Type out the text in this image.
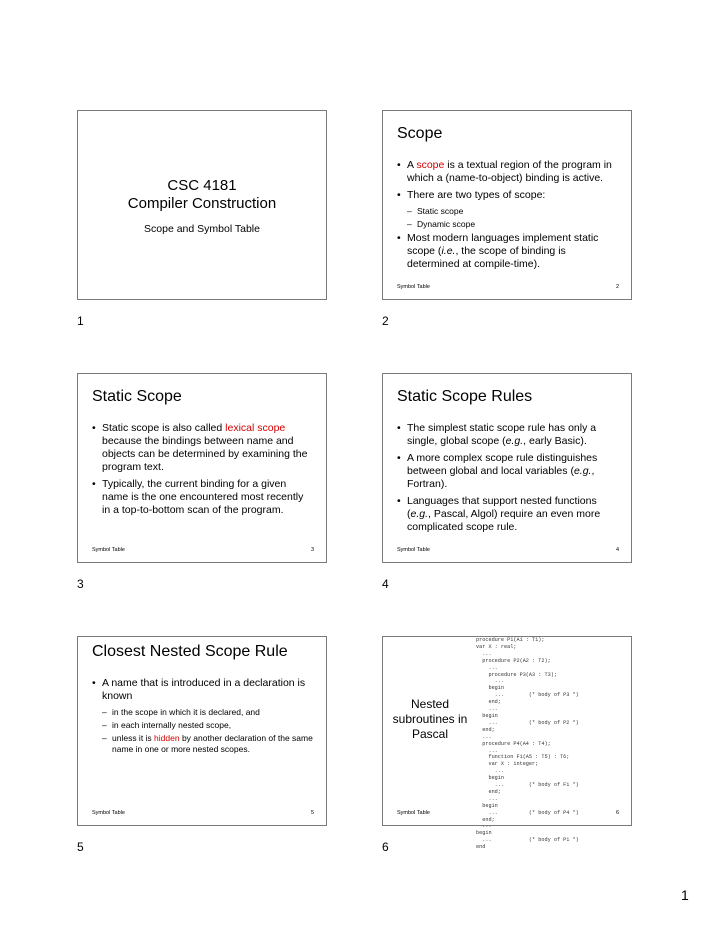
CSC 4181
Compiler Construction
Scope and Symbol Table
1
Scope
• A scope is a textual region of the program in which a (name-to-object) binding is active.
• There are two types of scope:
– Static scope
– Dynamic scope
• Most modern languages implement static scope (i.e., the scope of binding is determined at compile-time).
Symbol Table	2
2
Static Scope
• Static scope is also called lexical scope because the bindings between name and objects can be determined by examining the program text.
• Typically, the current binding for a given name is the one encountered most recently in a top-to-bottom scan of the program.
Symbol Table	3
3
Static Scope Rules
• The simplest static scope rule has only a single, global scope (e.g., early Basic).
• A more complex scope rule distinguishes between global and local variables (e.g., Fortran).
• Languages that support nested functions (e.g., Pascal, Algol) require an even more complicated scope rule.
Symbol Table	4
4
Closest Nested Scope Rule
• A name that is introduced in a declaration is known
– in the scope in which it is declared, and
– in each internally nested scope,
– unless it is hidden by another declaration of the same name in one or more nested scopes.
Symbol Table	5
5
Nested subroutines in Pascal
procedure P1(A1 : T1);
var X : real;
...
procedure P2(A2 : T2);
...
procedure P3(A3 : T3);
...
begin
...        (* body of P3 *)
end;
...
begin
...          (* body of P2 *)
end;
...
procedure P4(A4 : T4);
...
function F1(A5 : T5) : T6;
var X : integer;
...
begin
...        (* body of F1 *)
end;
...
begin
...          (* body of P4 *)
end;
...
begin
...            (* body of P1 *)
end
Symbol Table	6
6
1
